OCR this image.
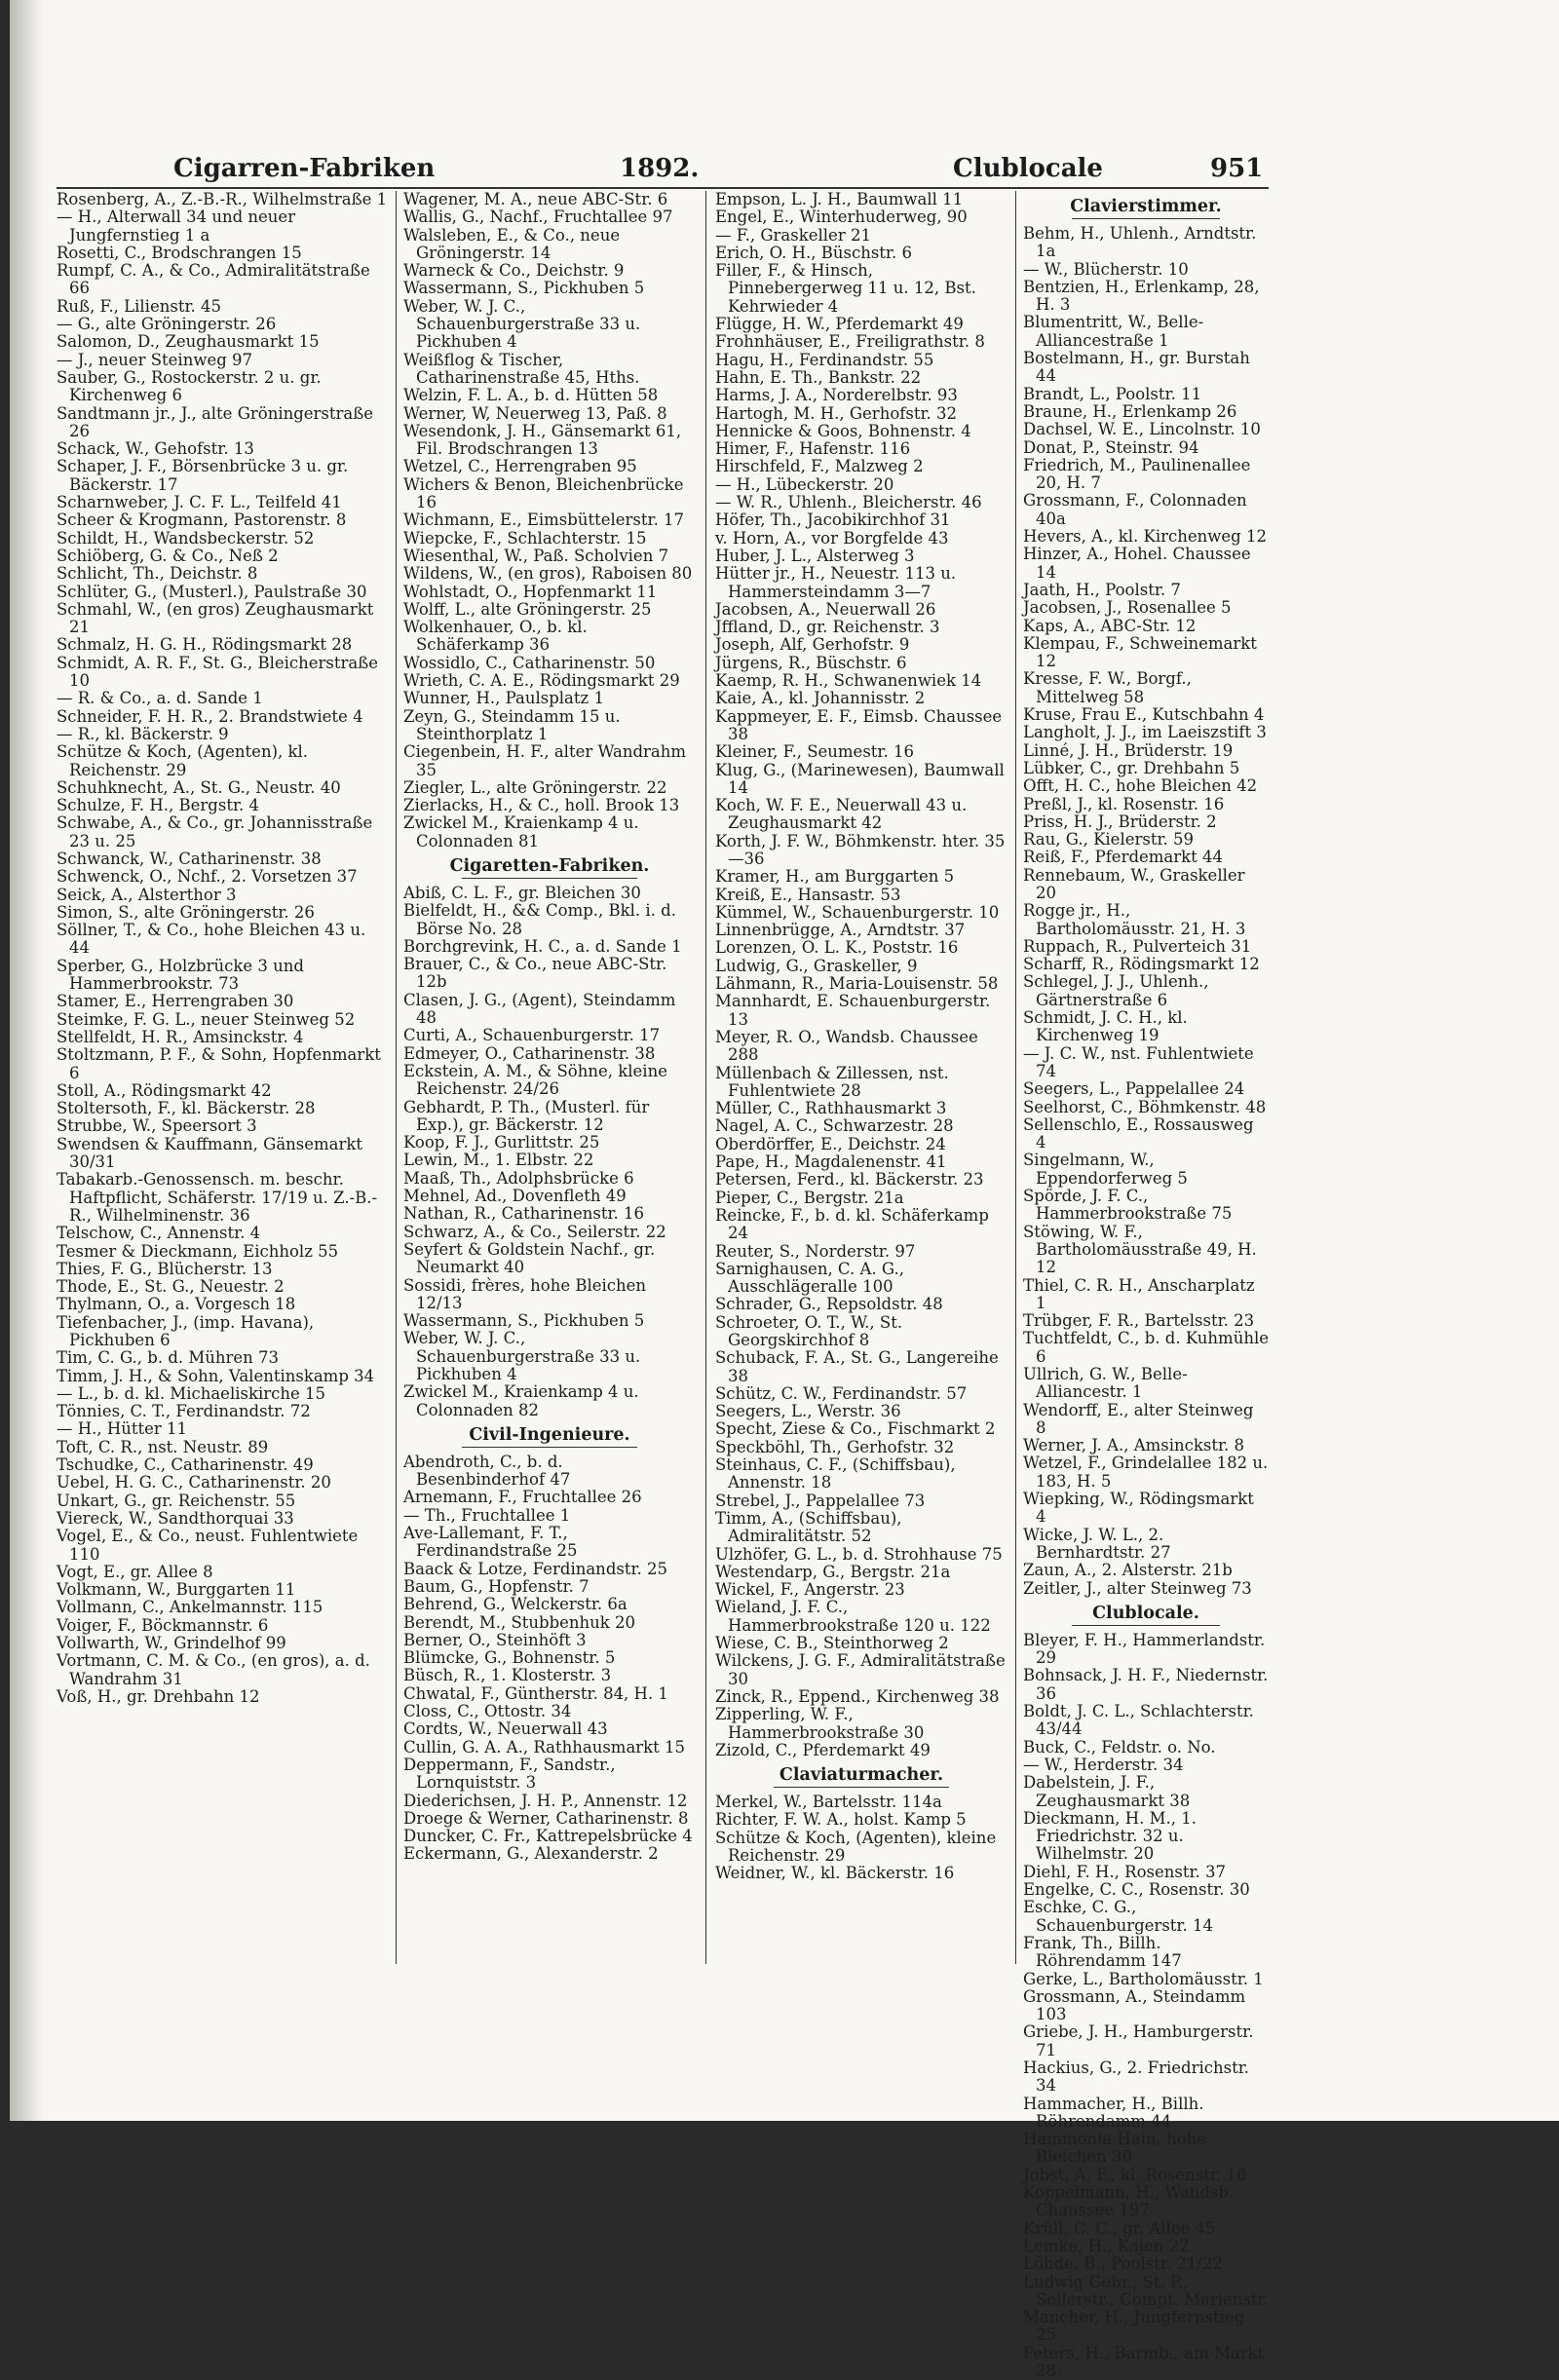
Cigarren-Fabriken	1892.	Clublocale	951
Rosenberg, A., Z.-B.-R., Wilhelmstraße 1
— H., Alterwall 34 und neuer Jungfernstieg 1 a
Rosetti, C., Brodschrangen 15
Rumpf, C. A., & Co., Admiralitätstraße 66
Ruß, F., Lilienstr. 45
— G., alte Gröningerstr. 26
Salomon, D., Zeughausmarkt 15
— J., neuer Steinweg 97
Sauber, G., Rostockerstr. 2 u. gr. Kirchenweg 6
Sandtmann jr., J., alte Gröningerstraße 26
Schack, W., Gehofstr. 13
Schaper, J. F., Börsenbrücke 3 u. gr. Bäckerstr. 17
Scharnweber, J. C. F. L., Teilfeld 41
Scheer & Krogmann, Pastorenstr. 8
Schildt, H., Wandsbeckerstr. 52
Schiöberg, G. & Co., Neß 2
Schlicht, Th., Deichstr. 8
Schlüter, G., (Musterl.), Paulstraße 30
Schmahl, W., (en gros) Zeughausmarkt 21
Schmalz, H. G. H., Rödingsmarkt 28
Schmidt, A. R. F., St. G., Bleicherstraße 10
— R. & Co., a. d. Sande 1
Schneider, F. H. R., 2. Brandstwiete 4
— R., kl. Bäckerstr. 9
Schütze & Koch, (Agenten), kl. Reichenstr. 29
Schuhknecht, A., St. G., Neustr. 40
Schulze, F. H., Bergstr. 4
Schwabe, A., & Co., gr. Johannisstraße 23 u. 25
Schwanck, W., Catharinenstr. 38
Schwenck, O., Nchf., 2. Vorsetzen 37
Seick, A., Alsterthor 3
Simon, S., alte Gröningerstr. 26
Söllner, T., & Co., hohe Bleichen 43 u. 44
Sperber, G., Holzbrücke 3 und Hammerbrookstr. 73
Stamer, E., Herrengraben 30
Steimke, F. G. L., neuer Steinweg 52
Stellfeldt, H. R., Amsinckstr. 4
Stoltzmann, P. F., & Sohn, Hopfenmarkt 6
Stoll, A., Rödingsmarkt 42
Stoltersoth, F., kl. Bäckerstr. 28
Strubbe, W., Speersort 3
Swendsen & Kauffmann, Gänsemarkt 30/31
Tabakarb.-Genossensch. m. beschr. Haftpflicht, Schäferstr. 17/19 u. Z.-B.-R., Wilhelminenstr. 36
Telschow, C., Annenstr. 4
Tesmer & Dieckmann, Eichholz 55
Thies, F. G., Blücherstr. 13
Thode, E., St. G., Neuestr. 2
Thylmann, O., a. Vorgesch 18
Tiefenbacher, J., (imp. Havana), Pickhuben 6
Tim, C. G., b. d. Mühren 73
Timm, J. H., & Sohn, Valentinskamp 34
— L., b. d. kl. Michaeliskirche 15
Tönnies, C. T., Ferdinandstr. 72
— H., Hütter 11
Toft, C. R., nst. Neustr. 89
Tschudke, C., Catharinenstr. 49
Uebel, H. G. C., Catharinenstr. 20
Unkart, G., gr. Reichenstr. 55
Viereck, W., Sandthorquai 33
Vogel, E., & Co., neust. Fuhlentwiete 110
Vogt, E., gr. Allee 8
Volkmann, W., Burggarten 11
Vollmann, C., Ankelmannstr. 115
Voiger, F., Böckmannstr. 6
Vollwarth, W., Grindelhof 99
Vortmann, C. M. & Co., (en gros), a. d. Wandrahm 31
Voß, H., gr. Drehbahn 12
Wagener, M. A., neue ABC-Str. 6
Wallis, G., Nachf., Fruchtallee 97
Walsleben, E., & Co., neue Gröningerstr. 14
Warneck & Co., Deichstr. 9
Wassermann, S., Pickhuben 5
Weber, W. J. C., Schauenburgerstraße 33 u. Pickhuben 4
Weißflog & Tischer, Catharinenstraße 45, Hths.
Welzin, F. L. A., b. d. Hütten 58
Werner, W, Neuerweg 13, Paß. 8
Wesendonk, J. H., Gänsemarkt 61, Fil. Brodschrangen 13
Wetzel, C., Herrengraben 95
Wichers & Benon, Bleichenbrücke 16
Wichmann, E., Eimsbüttelerstr. 17
Wiepcke, F., Schlachterstr. 15
Wiesenthal, W., Paß. Scholvien 7
Wildens, W., (en gros), Raboisen 80
Wohlstadt, O., Hopfenmarkt 11
Wolff, L., alte Gröningerstr. 25
Wolkenhauer, O., b. kl. Schäferkamp 36
Wossidlo, C., Catharinenstr. 50
Wrieth, C. A. E., Rödingsmarkt 29
Wunner, H., Paulsplatz 1
Zeyn, G., Steindamm 15 u. Steinthorplatz 1
Ciegenbein, H. F., alter Wandrahm 35
Ziegler, L., alte Gröningerstr. 22
Zierlacks, H., & C., holl. Brook 13
Zwickel M., Kraienkamp 4 u. Colonnaden 81
Cigaretten-Fabriken.
Abiß, C. L. F., gr. Bleichen 30
Bielfeldt, H., && Comp., Bkl. i. d. Börse No. 28
Borchgrevink, H. C., a. d. Sande 1
Brauer, C., & Co., neue ABC-Str. 12b
Clasen, J. G., (Agent), Steindamm 48
Curti, A., Schauenburgerstr. 17
Edmeyer, O., Catharinenstr. 38
Eckstein, A. M., & Söhne, kleine Reichenstr. 24/26
Gebhardt, P. Th., (Musterl. für Exp.), gr. Bäckerstr. 12
Koop, F. J., Gurlittstr. 25
Lewin, M., 1. Elbstr. 22
Maaß, Th., Adolphsbrücke 6
Mehnel, Ad., Dovenfleth 49
Nathan, R., Catharinenstr. 16
Schwarz, A., & Co., Seilerstr. 22
Seyfert & Goldstein Nachf., gr. Neumarkt 40
Sossidi, frères, hohe Bleichen 12/13
Wassermann, S., Pickhuben 5
Weber, W. J. C., Schauenburgerstraße 33 u. Pickhuben 4
Zwickel M., Kraienkamp 4 u. Colonnaden 82
Civil-Ingenieure.
Abendroth, C., b. d. Besenbinderhof 47
Arnemann, F., Fruchtallee 26
— Th., Fruchtallee 1
Ave-Lallemant, F. T., Ferdinandstraße 25
Baack & Lotze, Ferdinandstr. 25
Baum, G., Hopfenstr. 7
Behrend, G., Welckerstr. 6a
Berendt, M., Stubbenhuk 20
Berner, O., Steinhöft 3
Blümcke, G., Bohnenstr. 5
Büsch, R., 1. Klosterstr. 3
Chwatal, F., Güntherstr. 84, H. 1
Closs, C., Ottostr. 34
Cordts, W., Neuerwall 43
Cullin, G. A. A., Rathhausmarkt 15
Deppermann, F., Sandstr., Lornquiststr. 3
Diederichsen, J. H. P., Annenstr. 12
Droege & Werner, Catharinenstr. 8
Duncker, C. Fr., Kattrepelsbrücke 4
Eckermann, G., Alexanderstr. 2
Empson, L. J. H., Baumwall 11
Engel, E., Winterhuderweg, 90
— F., Graskeller 21
Erich, O. H., Büschstr. 6
Filler, F., & Hinsch, Pinnebergerweg 11 u. 12, Bst. Kehrwieder 4
Flügge, H. W., Pferdemarkt 49
Frohnhäuser, E., Freiligrathstr. 8
Hagu, H., Ferdinandstr. 55
Hahn, E. Th., Bankstr. 22
Harms, J. A., Norderelbstr. 93
Hartogh, M. H., Gerhofstr. 32
Hennicke & Goos, Bohnenstr. 4
Himer, F., Hafenstr. 116
Hirschfeld, F., Malzweg 2
— H., Lübeckerstr. 20
— W. R., Uhlenh., Bleicherstr. 46
Höfer, Th., Jacobikirchhof 31
v. Horn, A., vor Borgfelde 43
Huber, J. L., Alsterweg 3
Hütter jr., H., Neuestr. 113 u. Hammersteindamm 3—7
Jacobsen, A., Neuerwall 26
Jffland, D., gr. Reichenstr. 3
Joseph, Alf, Gerhofstr. 9
Jürgens, R., Büschstr. 6
Kaemp, R. H., Schwanenwiek 14
Kaie, A., kl. Johannisstr. 2
Kappmeyer, E. F., Eimsb. Chaussee 38
Kleiner, F., Seumestr. 16
Klug, G., (Marinewesen), Baumwall 14
Koch, W. F. E., Neuerwall 43 u. Zeughausmarkt 42
Korth, J. F. W., Böhmkenstr. hter. 35—36
Kramer, H., am Burggarten 5
Kreiß, E., Hansastr. 53
Kümmel, W., Schauenburgerstr. 10
Linnenbrügge, A., Arndtstr. 37
Lorenzen, O. L. K., Poststr. 16
Ludwig, G., Graskeller, 9
Lähmann, R., Maria-Louisenstr. 58
Mannhardt, E. Schauenburgerstr. 13
Meyer, R. O., Wandsb. Chaussee 288
Müllenbach & Zillessen, nst. Fuhlentwiete 28
Müller, C., Rathhausmarkt 3
Nagel, A. C., Schwarzestr. 28
Oberdörffer, E., Deichstr. 24
Pape, H., Magdalenenstr. 41
Petersen, Ferd., kl. Bäckerstr. 23
Pieper, C., Bergstr. 21a
Reincke, F., b. d. kl. Schäferkamp 24
Reuter, S., Norderstr. 97
Sarnighausen, C. A. G., Ausschlägeralle 100
Schrader, G., Repsoldstr. 48
Schroeter, O. T., W., St. Georgskirchhof 8
Schuback, F. A., St. G., Langereihe 38
Schütz, C. W., Ferdinandstr. 57
Seegers, L., Werstr. 36
Specht, Ziese & Co., Fischmarkt 2
Speckböhl, Th., Gerhofstr. 32
Steinhaus, C. F., (Schiffsbau), Annenstr. 18
Strebel, J., Pappelallee 73
Timm, A., (Schiffsbau), Admiralitätstr. 52
Ulzhöfer, G. L., b. d. Strohhause 75
Westendarp, G., Bergstr. 21a
Wickel, F., Angerstr. 23
Wieland, J. F. C., Hammerbrookstraße 120 u. 122
Wiese, C. B., Steinthorweg 2
Wilckens, J. G. F., Admiralitätstraße 30
Zinck, R., Eppend., Kirchenweg 38
Zipperling, W. F., Hammerbrookstraße 30
Zizold, C., Pferdemarkt 49
Claviaturmacher.
Merkel, W., Bartelsstr. 114a
Richter, F. W. A., holst. Kamp 5
Schütze & Koch, (Agenten), kleine Reichenstr. 29
Weidner, W., kl. Bäckerstr. 16
Clavierstimmer.
Behm, H., Uhlenh., Arndtstr. 1a
— W., Blücherstr. 10
Bentzien, H., Erlenkamp, 28, H. 3
Blumentritt, W., Belle-Alliancestraße 1
Bostelmann, H., gr. Burstah 44
Brandt, L., Poolstr. 11
Braune, H., Erlenkamp 26
Dachsel, W. E., Lincolnstr. 10
Donat, P., Steinstr. 94
Friedrich, M., Paulinenallee 20, H. 7
Grossmann, F., Colonnaden 40a
Hevers, A., kl. Kirchenweg 12
Hinzer, A., Hohel. Chaussee 14
Jaath, H., Poolstr. 7
Jacobsen, J., Rosenallee 5
Kaps, A., ABC-Str. 12
Klempau, F., Schweinemarkt 12
Kresse, F. W., Borgf., Mittelweg 58
Kruse, Frau E., Kutschbahn 4
Langholt, J. J., im Laeiszstift 3
Linné, J. H., Brüderstr. 19
Lübker, C., gr. Drehbahn 5
Offt, H. C., hohe Bleichen 42
Preßl, J., kl. Rosenstr. 16
Priss, H. J., Brüderstr. 2
Rau, G., Kielerstr. 59
Reiß, F., Pferdemarkt 44
Rennebaum, W., Graskeller 20
Rogge jr., H., Bartholomäusstr. 21, H. 3
Ruppach, R., Pulverteich 31
Scharff, R., Rödingsmarkt 12
Schlegel, J. J., Uhlenh., Gärtnerstraße 6
Schmidt, J. C. H., kl. Kirchenweg 19
— J. C. W., nst. Fuhlentwiete 74
Seegers, L., Pappelallee 24
Seelhorst, C., Böhmkenstr. 48
Sellenschlo, E., Rossausweg 4
Singelmann, W., Eppendorferweg 5
Spörde, J. F. C., Hammerbrookstraße 75
Stöwing, W. F., Bartholomäusstraße 49, H. 12
Thiel, C. R. H., Anscharplatz 1
Trübger, F. R., Bartelsstr. 23
Tuchtfeldt, C., b. d. Kuhmühle 6
Ullrich, G. W., Belle-Alliancestr. 1
Wendorff, E., alter Steinweg 8
Werner, J. A., Amsinckstr. 8
Wetzel, F., Grindelallee 182 u. 183, H. 5
Wiepking, W., Rödingsmarkt 4
Wicke, J. W. L., 2. Bernhardtstr. 27
Zaun, A., 2. Alsterstr. 21b
Zeitler, J., alter Steinweg 73
Clublocale.
Bleyer, F. H., Hammerlandstr. 29
Bohnsack, J. H. F., Niedernstr. 36
Boldt, J. C. L., Schlachterstr. 43/44
Buck, C., Feldstr. o. No.
— W., Herderstr. 34
Dabelstein, J. F., Zeughausmarkt 38
Dieckmann, H. M., 1. Friedrichstr. 32 u. Wilhelmstr. 20
Diehl, F. H., Rosenstr. 37
Engelke, C. C., Rosenstr. 30
Eschke, C. G., Schauenburgerstr. 14
Frank, Th., Billh. Röhrendamm 147
Gerke, L., Bartholomäusstr. 1
Grossmann, A., Steindamm 103
Griebe, J. H., Hamburgerstr. 71
Hackius, G., 2. Friedrichstr. 34
Hammacher, H., Billh. Röhrendamm 44
Hammonia Hain, hohe Bleichen 30
Jobst, A. F., kl. Rosenstr. 16
Koppelmann, H., Wandsb. Chaussee 197
Krüll, C. C., gr. Allee 45
Lemke, H., Kajen 22
Löhde, B., Poolstr. 21/22
Ludwig Gebr., St. P., Seilerstr., Compt. Marienstr.
Mancher, H., Jungfernstieg 25
Peters, H., Barmb., am Markt 28
